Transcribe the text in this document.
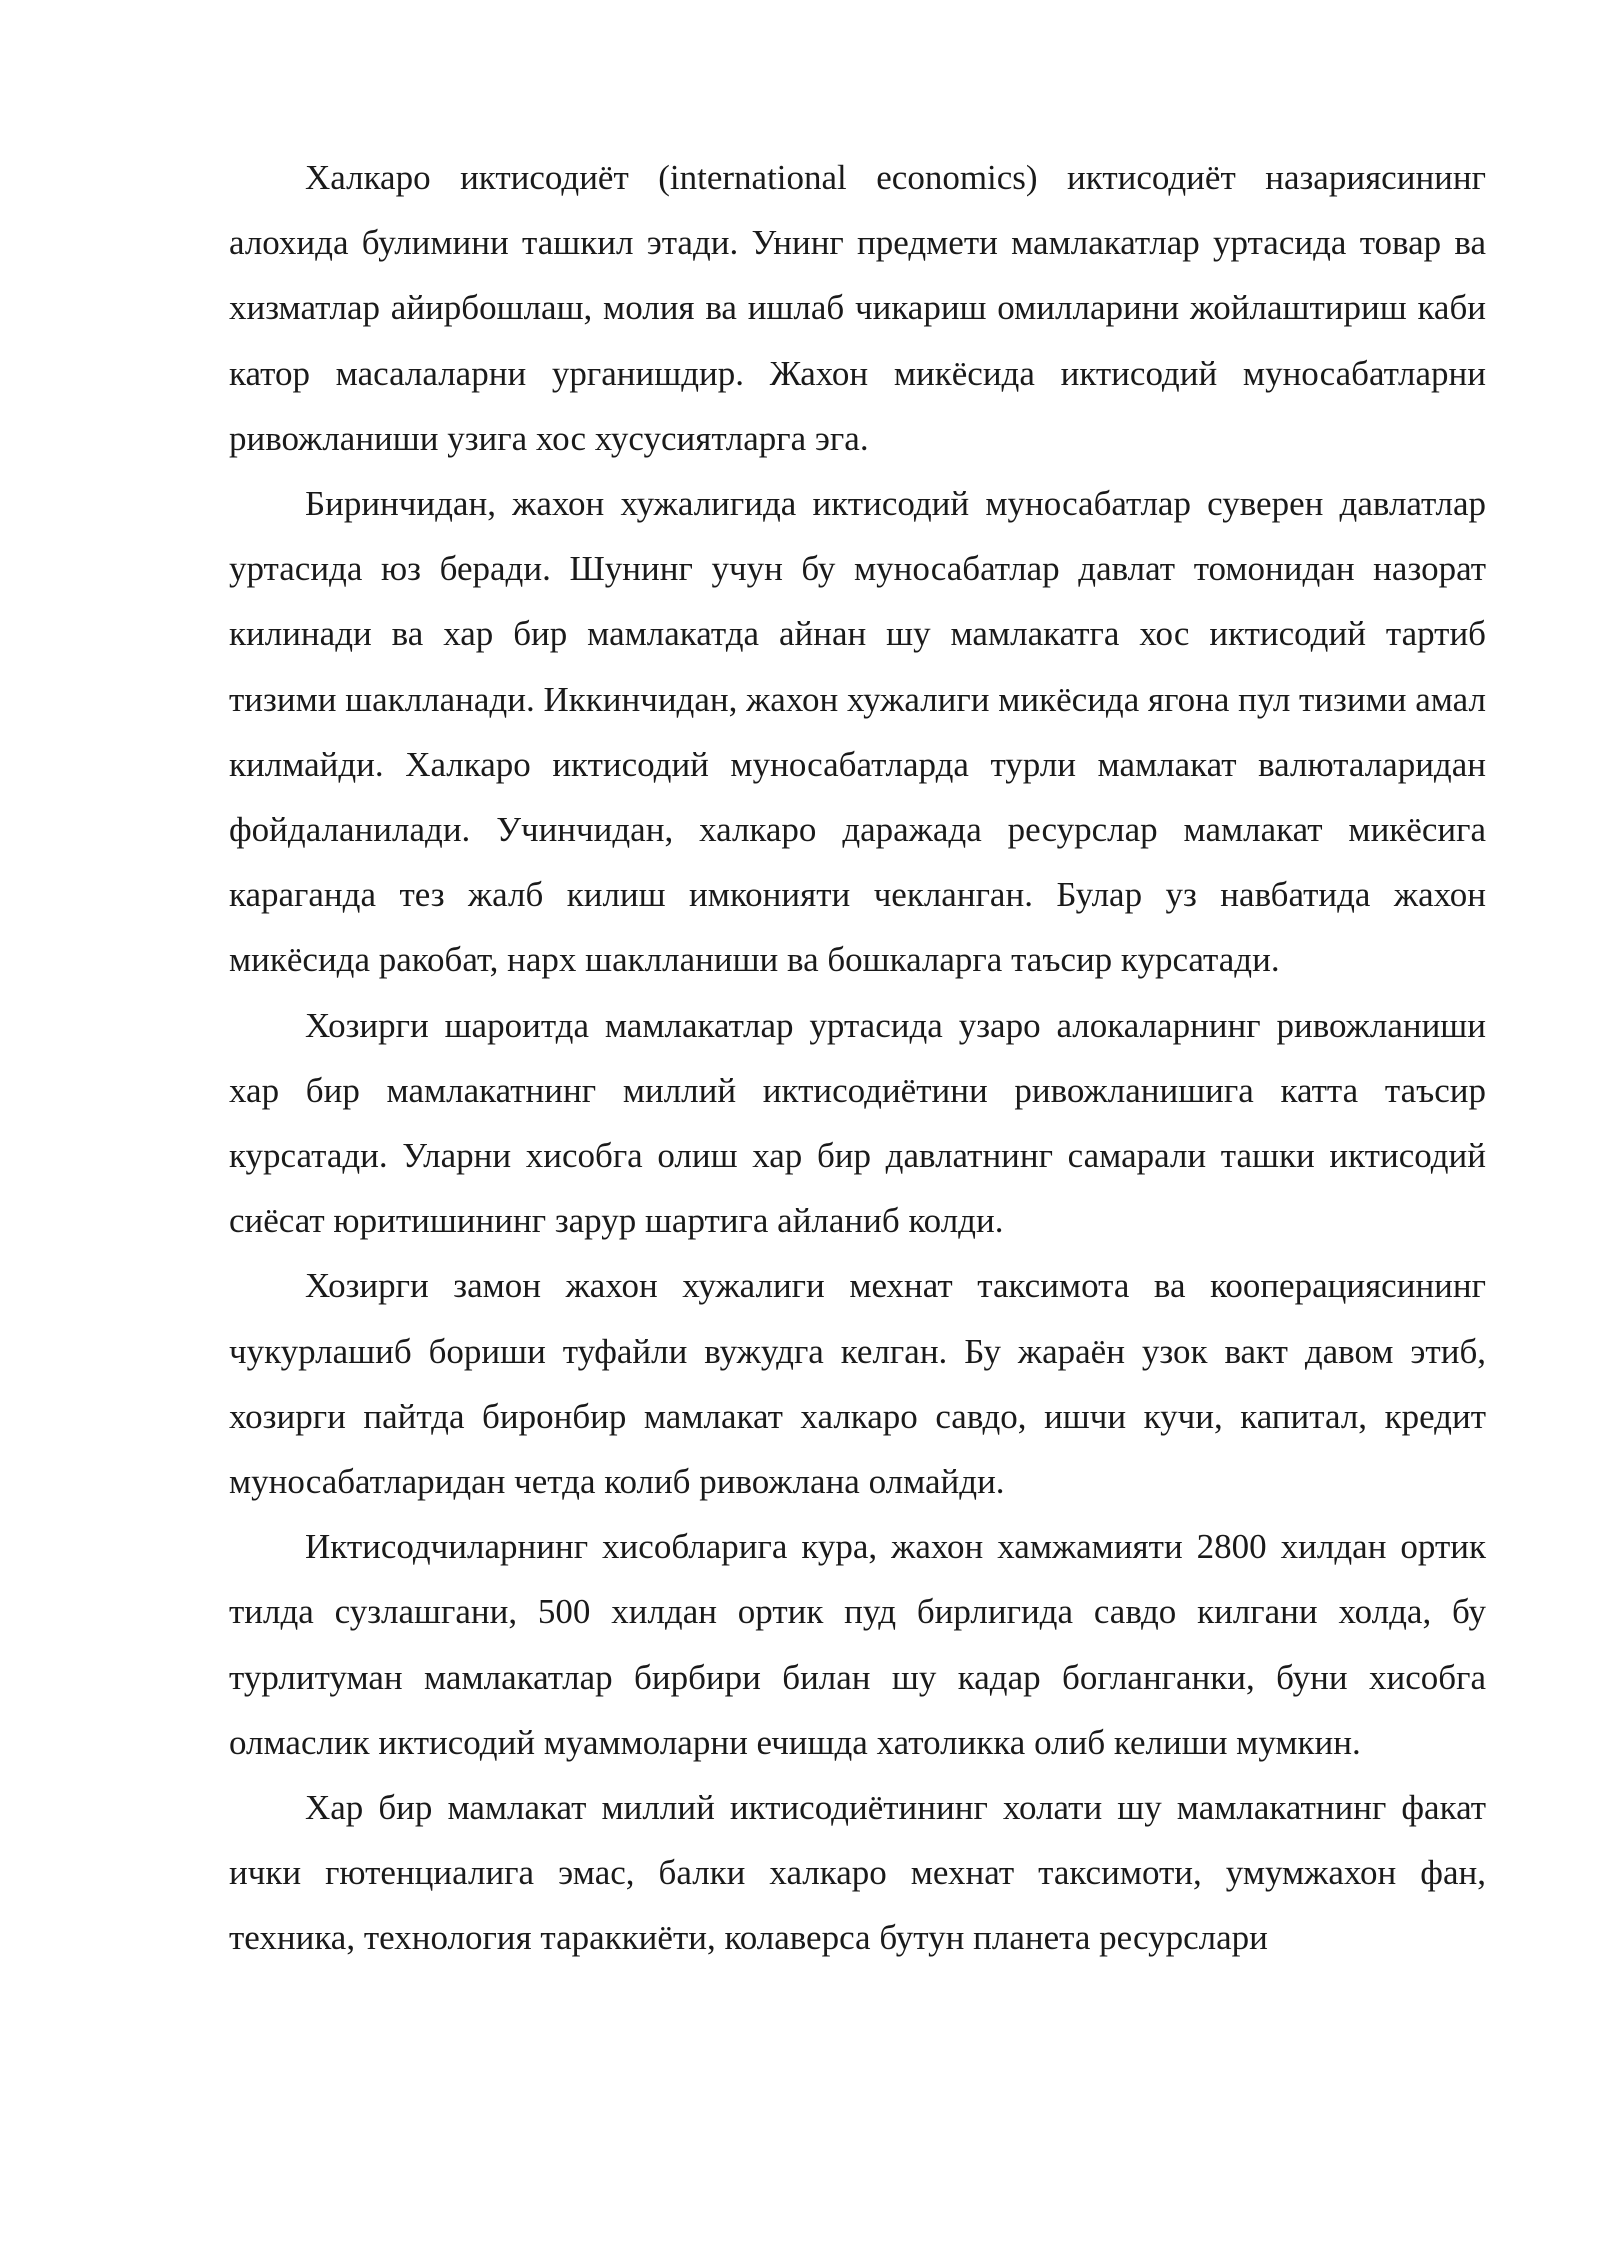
Халкаро иктисодиёт (international economics) иктисодиёт назариясининг алохида булимини ташкил этади. Унинг предмети мамлакатлар уртасида товар ва хизматлар айирбошлаш, молия ва ишлаб чикариш омилларини жойлаштириш каби катор масалаларни урганишдир. Жахон микёсида иктисодий муносабатларни ривожланиши узига хос хусусиятларга эга.

Биринчидан, жахон хужалигида иктисодий муносабатлар суверен давлатлар уртасида юз беради. Шунинг учун бу муносабатлар давлат томонидан назорат килинади ва хар бир мамлакатда айнан шу мамлакатга хос иктисодий тартиб тизими шаклланади. Иккинчидан, жахон хужалиги микёсида ягона пул тизими амал килмайди. Халкаро иктисодий муносабатларда турли мамлакат валюталаридан фойдаланилади. Учинчидан, халкаро даражада ресурслар мамлакат микёсига караганда тез жалб килиш имконияти чекланган. Булар уз навбатида жахон микёсида ракобат, нарх шаклланиши ва бошкаларга таъсир курсатади.

Хозирги шароитда мамлакатлар уртасида узаро алокаларнинг ривожланиши хар бир мамлакатнинг миллий иктисодиётини ривожланишига катта таъсир курсатади. Уларни хисобга олиш хар бир давлатнинг самарали ташки иктисодий сиёсат юритишининг зарур шартига айланиб колди.

Хозирги замон жахон хужалиги мехнат таксимота ва кооперациясининг чукурлашиб бориши туфайли вужудга келган. Бу жараён узок вакт давом этиб, хозирги пайтда биронбир мамлакат халкаро савдо, ишчи кучи, капитал, кредит муносабатларидан четда колиб ривожлана олмайди.

Иктисодчиларнинг хисобларига кура, жахон хамжамияти 2800 хилдан ортик тилда сузлашгани, 500 хилдан ортик пуд бирлигида савдо килгани холда, бу турлитуман мамлакатлар бирбири билан шу кадар богланганки, буни хисобга олмаслик иктисодий муаммоларни ечишда хатоликка олиб келиши мумкин.

Хар бир мамлакат миллий иктисодиётининг холати шу мамлакатнинг факат ички гютенциалига эмас, балки халкаро мехнат таксимоти, умумжахон фан, техника, технология тараккиёти, колаверса бутун планета ресурслари
